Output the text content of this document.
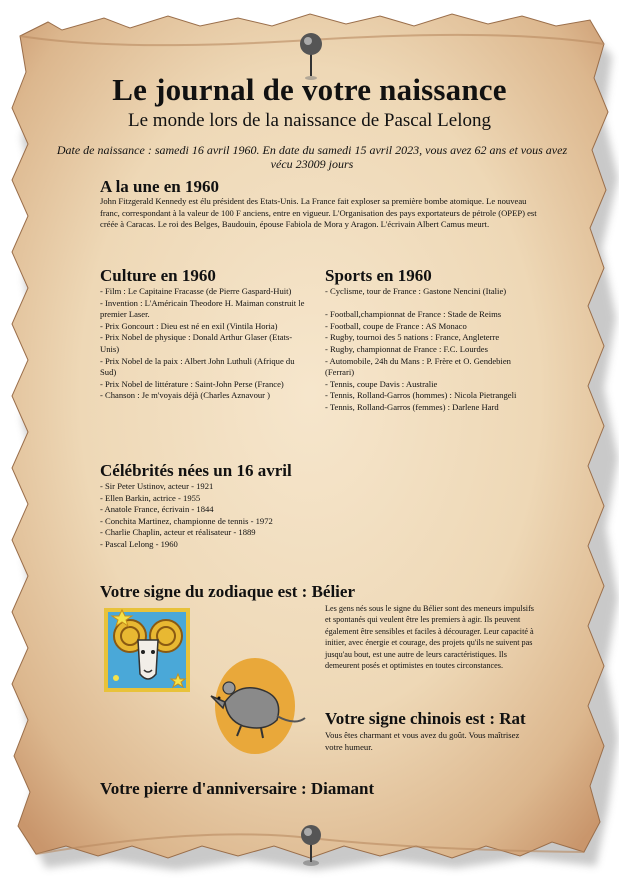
Le journal de votre naissance
Le monde lors de la naissance de Pascal Lelong
Date de naissance : samedi 16 avril 1960. En date du samedi 15 avril 2023, vous avez 62 ans et vous avez vécu 23009 jours
A la une en 1960
John Fitzgerald Kennedy est élu président des Etats-Unis. La France fait exploser sa première bombe atomique. Le nouveau franc, correspondant à la valeur de 100 F anciens, entre en vigueur. L'Organisation des pays exportateurs de pétrole (OPEP) est créée à Caracas. Le roi des Belges, Baudouin, épouse Fabiola de Mora y Aragon. L'écrivain Albert Camus meurt.
Culture en 1960
- Film : Le Capitaine Fracasse (de Pierre Gaspard-Huit)
- Invention : L'Américain Theodore H. Maiman construit le premier Laser.
- Prix Goncourt : Dieu est né en exil (Vintila Horia)
- Prix Nobel de physique : Donald Arthur Glaser (Etats-Unis)
- Prix Nobel de la paix : Albert John Luthuli (Afrique du Sud)
- Prix Nobel de littérature : Saint-John Perse (France)
- Chanson : Je m'voyais déjà (Charles Aznavour )
Sports en 1960
- Cyclisme, tour de France : Gastone Nencini (Italie)
- Football,championnat de France : Stade de Reims
- Football, coupe de France : AS Monaco
- Rugby, tournoi des 5 nations : France, Angleterre
- Rugby, championnat de France : F.C. Lourdes
- Automobile, 24h du Mans : P. Frère et O. Gendebien (Ferrari)
- Tennis, coupe Davis : Australie
- Tennis, Rolland-Garros (hommes) : Nicola Pietrangeli
- Tennis, Rolland-Garros (femmes) : Darlene Hard
Célébrités nées un 16 avril
- Sir Peter Ustinov, acteur - 1921
- Ellen Barkin, actrice - 1955
- Anatole France, écrivain - 1844
- Conchita Martinez, championne de tennis - 1972
- Charlie Chaplin, acteur et réalisateur - 1889
- Pascal Lelong - 1960
Votre signe du zodiaque est : Bélier
Les gens nés sous le signe du Bélier sont des meneurs impulsifs et spontanés qui veulent être les premiers à agir. Ils peuvent également être sensibles et faciles à décourager. Leur capacité à initier, avec énergie et courage, des projets qu'ils ne suivent pas jusqu'au bout, est une autre de leurs caractéristiques. Ils demeurent posés et optimistes en toutes circonstances.
Votre signe chinois est : Rat
Vous êtes charmant et vous avez du goût. Vous maîtrisez votre humeur.
Votre pierre d'anniversaire : Diamant
